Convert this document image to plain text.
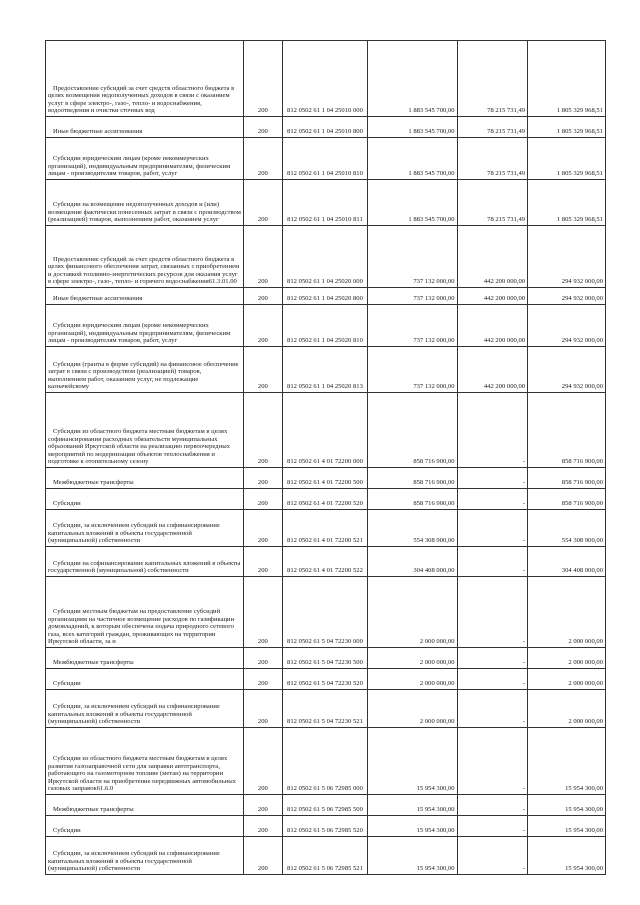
Предоставление субсидий за счет средств областного бюджета в целях возмещения недополученных доходов в связи с оказанием услуг в сфере электро-, газо-, тепло- и водоснабжения, водоотведения и очистки сточных вод	200	812 0502 61 1 04 25010 000	1 883 545 700,00	78 215 731,49	1 805 329 968,51

Иные бюджетные ассигнования	200	812 0502 61 1 04 25010 800	1 883 545 700,00	78 215 731,49	1 805 329 968,51

Субсидии юридическим лицам (кроме некоммерческих организаций), индивидуальным предпринимателям, физическим лицам - производителям товаров, работ, услуг	200	812 0502 61 1 04 25010 810	1 883 545 700,00	78 215 731,49	1 805 329 968,51

Субсидии на возмещение недополученных доходов и (или) возмещение фактически понесенных затрат в связи с производством (реализацией) товаров, выполнением работ, оказанием услуг	200	812 0502 61 1 04 25010 811	1 883 545 700,00	78 215 731,49	1 805 329 968,51

Предоставление субсидий за счет средств областного бюджета в целях финансового обеспечения затрат, связанных с приобретением и доставкой топливно-энергетических ресурсов для оказания услуг в сфере электро-, газо-, тепло- и горячего водоснабжения61.3.01.00	200	812 0502 61 1 04 25020 000	737 132 000,00	442 200 000,00	294 932 000,00

Иные бюджетные ассигнования	200	812 0502 61 1 04 25020 800	737 132 000,00	442 200 000,00	294 932 000,00

Субсидии юридическим лицам (кроме некоммерческих организаций), индивидуальным предпринимателям, физическим лицам - производителям товаров, работ, услуг	200	812 0502 61 1 04 25020 810	737 132 000,00	442 200 000,00	294 932 000,00

Субсидии (гранты в форме субсидий) на финансовое обеспечение затрат в связи с производством (реализацией) товаров, выполнением работ, оказанием услуг, не подлежащие казначейскому	200	812 0502 61 1 04 25020 813	737 132 000,00	442 200 000,00	294 932 000,00

Субсидии из областного бюджета местным бюджетам в целях софинансирования расходных обязательств муниципальных образований Иркутской области на реализацию первоочередных мероприятий по модернизации объектов теплоснабжения и подготовке к отопительному сезону	200	812 0502 61 4 01 72200 000	858 716 900,00	-	858 716 900,00

Межбюджетные трансферты	200	812 0502 61 4 01 72200 500	858 716 900,00	-	858 716 900,00

Субсидии	200	812 0502 61 4 01 72200 520	858 716 900,00	-	858 716 900,00

Субсидии, за исключением субсидий на софинансирование капитальных вложений в объекты государственной (муниципальной) собственности	200	812 0502 61 4 01 72200 521	554 308 900,00	-	554 308 900,00

Субсидии на софинансирование капитальных вложений в объекты государственной (муниципальной) собственности	200	812 0502 61 4 01 72200 522	304 408 000,00	-	304 408 000,00

Субсидии местным бюджетам на предоставление субсидий организациям на частичное возмещение расходов по газификации домовладений, к которым обеспечена подача природного сетевого газа, всех категорий граждан, проживающих на территории Иркутской области, за и	200	812 0502 61 5 04 72230 000	2 000 000,00	-	2 000 000,00

Межбюджетные трансферты	200	812 0502 61 5 04 72230 500	2 000 000,00	-	2 000 000,00

Субсидии	200	812 0502 61 5 04 72230 520	2 000 000,00	-	2 000 000,00

Субсидии, за исключением субсидий на софинансирование капитальных вложений в объекты государственной (муниципальной) собственности	200	812 0502 61 5 04 72230 521	2 000 000,00	-	2 000 000,00

Субсидии из областного бюджета местным бюджетам в целях развития газозаправочной сети для заправки автотранспорта, работающего на газомоторном топливе (метан) на территории Иркутской области на приобретение передвижных автомобильных газовых заправок61.6.0	200	812 0502 61 5 06 72985 000	15 954 300,00	-	15 954 300,00

Межбюджетные трансферты	200	812 0502 61 5 06 72985 500	15 954 300,00	-	15 954 300,00

Субсидии	200	812 0502 61 5 06 72985 520	15 954 300,00	-	15 954 300,00

Субсидии, за исключением субсидий на софинансирование капитальных вложений в объекты государственной (муниципальной) собственности	200	812 0502 61 5 06 72985 521	15 954 300,00	-	15 954 300,00
